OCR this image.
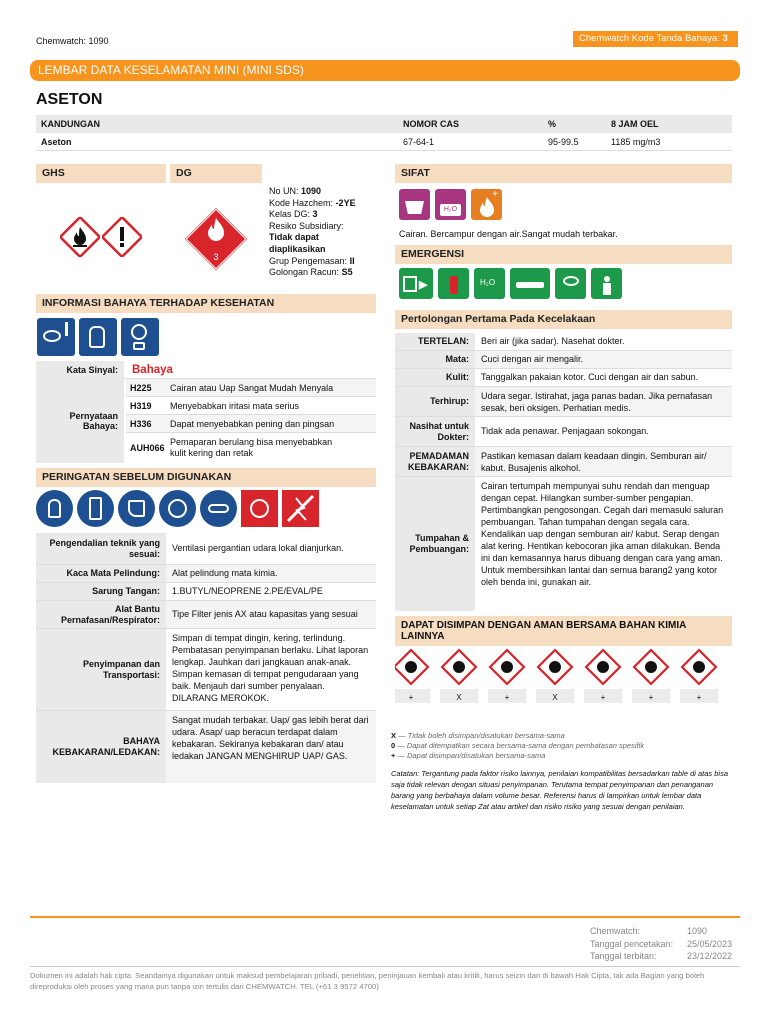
Chemwatch: 1090	Chemwatch Kode Tanda Bahaya: 3
LEMBAR DATA KESELAMATAN MINI (MINI SDS)
ASETON
KANDUNGAN	NOMOR CAS	%	8 JAM OEL
Aseton	67-64-1	95-99.5	1185 mg/m3
GHS	DG
3
No UN: 1090
Kode Hazchem: -2YE
Kelas DG: 3
Resiko Subsidiary:
Tidak dapat diaplikasikan
Grup Pengemasan: II
Golongan Racun: S5
SIFAT
H₂O
+
Cairan. Bercampur dengan air.Sangat mudah terbakar.
EMERGENSI
▶	H₂O
INFORMASI BAHAYA TERHADAP KESEHATAN
Kata Sinyal:	Bahaya
Pernyataan Bahaya:
H225	Cairan atau Uap Sangat Mudah Menyala
H319	Menyebabkan iritasi mata serius
H336	Dapat menyebabkan pening dan pingsan
AUH066
Pemaparan berulang bisa menyebabkan kulit kering dan retak
PERINGATAN SEBELUM DIGUNAKAN
Pengendalian teknik yang sesuai:
Ventilasi pergantian udara lokal dianjurkan.
Kaca Mata Pelindung:	Alat pelindung mata kimia.
Sarung Tangan:	1.BUTYL/NEOPRENE 2.PE/EVAL/PE
Alat Bantu Pernafasan/Respirator:
Tipe Filter jenis AX atau kapasitas yang sesuai
Penyimpanan dan Transportasi:
Simpan di tempat dingin, kering, terlindung. Pembatasan penyimpanan berlaku. Lihat laporan lengkap. Jauhkan dari jangkauan anak-anak. Simpan kemasan di tempat pengudaraan yang baik. Menjauh dari sumber penyalaan. DILARANG MEROKOK.
BAHAYA KEBAKARAN/LEDAKAN:
Sangat mudah terbakar. Uap/ gas lebih berat dari udara. Asap/ uap beracun terdapat dalam kebakaran. Sekiranya kebakaran dan/ atau ledakan JANGAN MENGHIRUP UAP/ GAS.
Pertolongan Pertama Pada Kecelakaan
TERTELAN:	Beri air (jika sadar). Nasehat dokter.
Mata:	Cuci dengan air mengalir.
Kulit:	Tanggalkan pakaian kotor. Cuci dengan air dan sabun.
Terhirup:
Udara segar. Istirahat, jaga panas badan. Jika pernafasan sesak, beri oksigen. Perhatian medis.
Nasihat untuk Dokter:
Tidak ada penawar. Penjagaan sokongan.
PEMADAMAN KEBAKARAN:
Pastikan kemasan dalam keadaan dingin. Semburan air/ kabut. Busajenis alkohol.
Tumpahan & Pembuangan:
Cairan tertumpah mempunyai suhu rendah dan menguap dengan cepat. Hilangkan sumber-sumber pengapian. Pertimbangkan pengosongan. Cegah dari memasuki saluran pembuangan. Tahan tumpahan dengan segala cara. Kendalikan uap dengan semburan air/ kabut. Serap dengan alat kering. Hentikan kebocoran jika aman dilakukan. Benda ini dan kemasannya harus dibuang dengan cara yang aman. Untuk membersihkan lantai dan semua barang2 yang kotor oleh benda ini, gunakan air.
DAPAT DISIMPAN DENGAN AMAN BERSAMA BAHAN KIMIA LAINNYA
+	X	+	X	+	+	+
X — Tidak boleh disimpan/disatukan bersama-sama
0 — Dapat ditempatkan secara bersama-sama dengan pembatasan spesifik
+ — Dapat disimpan/disatukan bersama-sama
Catatan: Tergantung pada faktor risiko lainnya, penilaian kompatibilitas bersadarkan table di atas bisa saja tidak relevan dengan situasi penyimpanan. Terutama tempat penyimpanan dan penanganan barang yang berbahaya dalam volume besar. Referensi harus di lampirkan untuk lembar data keselamatan untuk setiap Zat atau artikel dan risiko risiko yang sesuai dengan penilaian.
Chemwatch:	1090
Tanggal pencetakan:	25/05/2023
Tanggal terbitan:	23/12/2022
Dokumen ini adalah hak cipta. Seandainya digunakan untuk maksud pembelajaran pribadi, penelitian, peninjauan kembali atau kritik, harus seizin dan di bawah Hak Cipta, tak ada Bagian yang boleh direproduksi oleh proses yang mana pun tanpa izin tertulis dari CHEMWATCH. TEL (+61 3 9572 4700)
